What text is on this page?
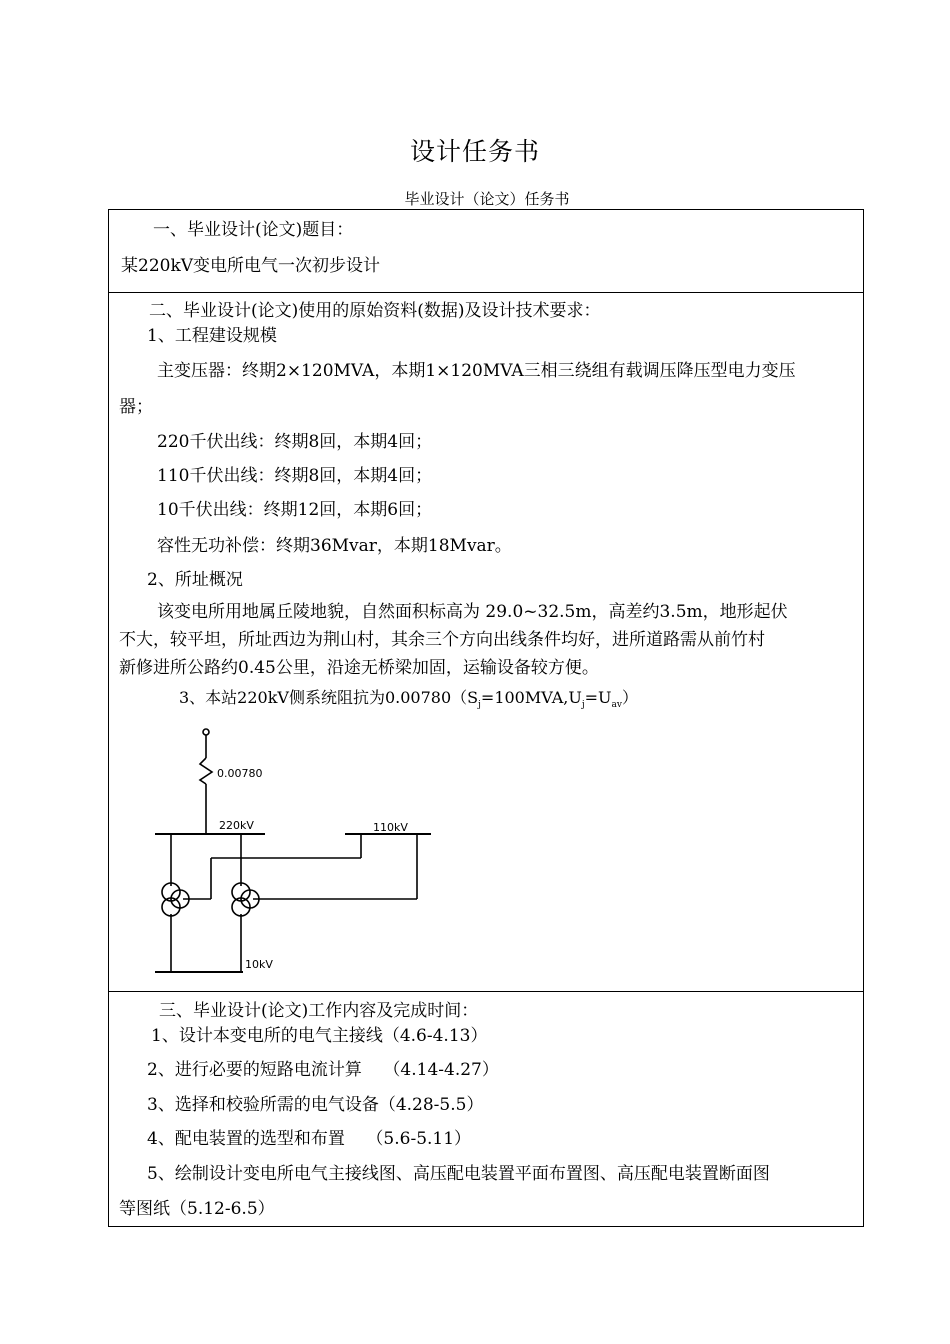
设计任务书
毕业设计（论文）任务书
一、毕业设计(论文)题目：
某220kV变电所电气一次初步设计
二、毕业设计(论文)使用的原始资料(数据)及设计技术要求：
1、工程建设规模
主变压器：终期2×120MVA，本期1×120MVA三相三绕组有载调压降压型电力变压
器；
220千伏出线：终期8回，本期4回；
110千伏出线：终期8回，本期4回；
10千伏出线：终期12回，本期6回；
容性无功补偿：终期36Mvar，本期18Mvar。
2、所址概况
该变电所用地属丘陵地貌，自然面积标高为 29.0~32.5m，高差约3.5m，地形起伏
不大，较平坦，所址西边为荆山村，其余三个方向出线条件均好，进所道路需从前竹村
新修进所公路约0.45公里，沿途无桥梁加固，运输设备较方便。
3、本站220kV侧系统阻抗为$0.00780(S_j=100MVA,U_j=U_{av})$
0.00780
220kV	110kV
10kV
三、毕业设计(论文)工作内容及完成时间：
1、设计本变电所的电气主接线（4.6-4.13）
2、进行必要的短路电流计算    （4.14-4.27）
3、选择和校验所需的电气设备（4.28-5.5）
4、配电装置的选型和布置    （5.6-5.11）
5、绘制设计变电所电气主接线图、高压配电装置平面布置图、高压配电装置断面图
等图纸（5.12-6.5）
